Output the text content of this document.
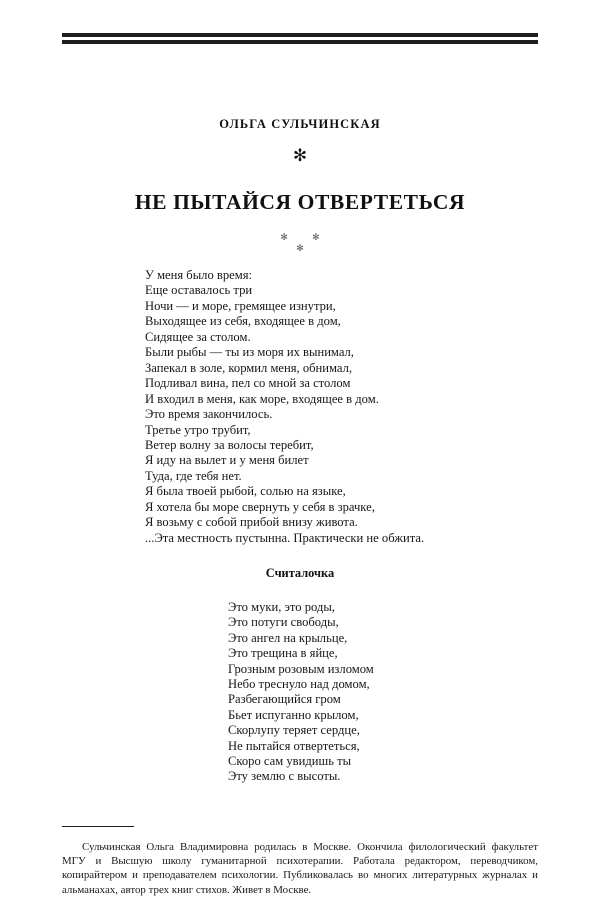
ОЛЬГА СУЛЬЧИНСКАЯ
✻
НЕ ПЫТАЙСЯ ОТВЕРТЕТЬСЯ
✻ ✻
✻
У меня было время:
Еще оставалось три
Ночи — и море, гремящее изнутри,
Выходящее из себя, входящее в дом,
Сидящее за столом.
Были рыбы — ты из моря их вынимал,
Запекал в золе, кормил меня, обнимал,
Подливал вина, пел со мной за столом
И входил в меня, как море, входящее в дом.
Это время закончилось.
Третье утро трубит,
Ветер волну за волосы теребит,
Я иду на вылет и у меня билет
Туда, где тебя нет.
Я была твоей рыбой, солью на языке,
Я хотела бы море свернуть у себя в зрачке,
Я возьму с собой прибой внизу живота.
...Эта местность пустынна. Практически не обжита.
Считалочка
Это муки, это роды,
Это потуги свободы,
Это ангел на крыльце,
Это трещина в яйце,
Грозным розовым изломом
Небо треснуло над домом,
Разбегающийся гром
Бьет испуганно крылом,
Скорлупу теряет сердце,
Не пытайся отвертеться,
Скоро сам увидишь ты
Эту землю с высоты.
Сульчинская Ольга Владимировна родилась в Москве. Окончила филологический факультет МГУ и Высшую школу гуманитарной психотерапии. Работала редактором, переводчиком, копирайтером и преподавателем психологии. Публиковалась во многих литературных журналах и альманахах, автор трех книг стихов. Живет в Москве.
